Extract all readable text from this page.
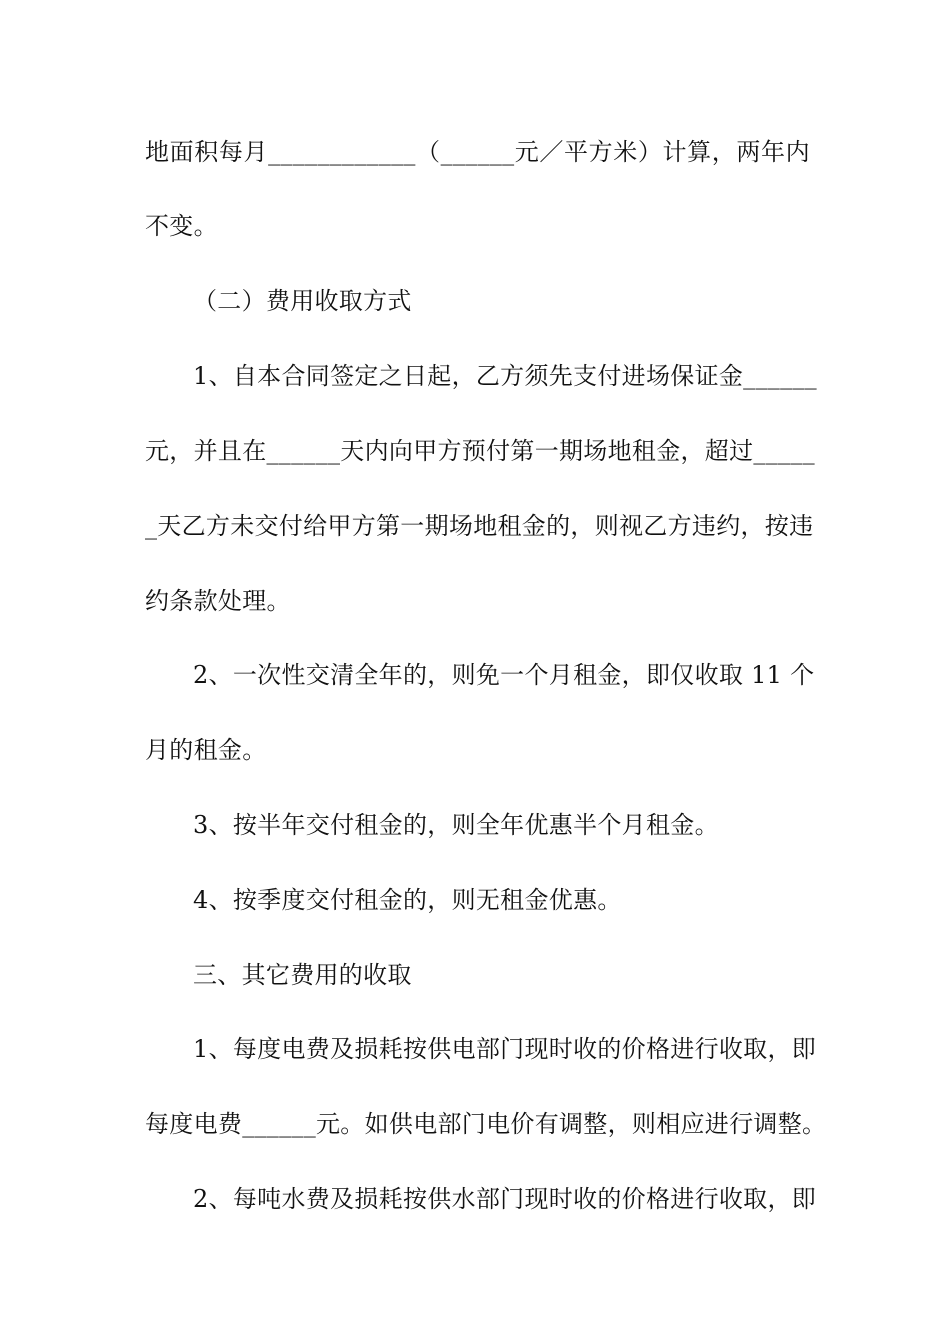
地面积每月____________（______元／平方米）计算，两年内
不变。
（二）费用收取方式
1、自本合同签定之日起，乙方须先支付进场保证金______
元，并且在______天内向甲方预付第一期场地租金，超过_____
_天乙方未交付给甲方第一期场地租金的，则视乙方违约，按违
约条款处理。
2、一次性交清全年的，则免一个月租金，即仅收取 11 个
月的租金。
3、按半年交付租金的，则全年优惠半个月租金。
4、按季度交付租金的，则无租金优惠。
三、其它费用的收取
1、每度电费及损耗按供电部门现时收的价格进行收取，即
每度电费______元。如供电部门电价有调整，则相应进行调整。
2、每吨水费及损耗按供水部门现时收的价格进行收取，即
